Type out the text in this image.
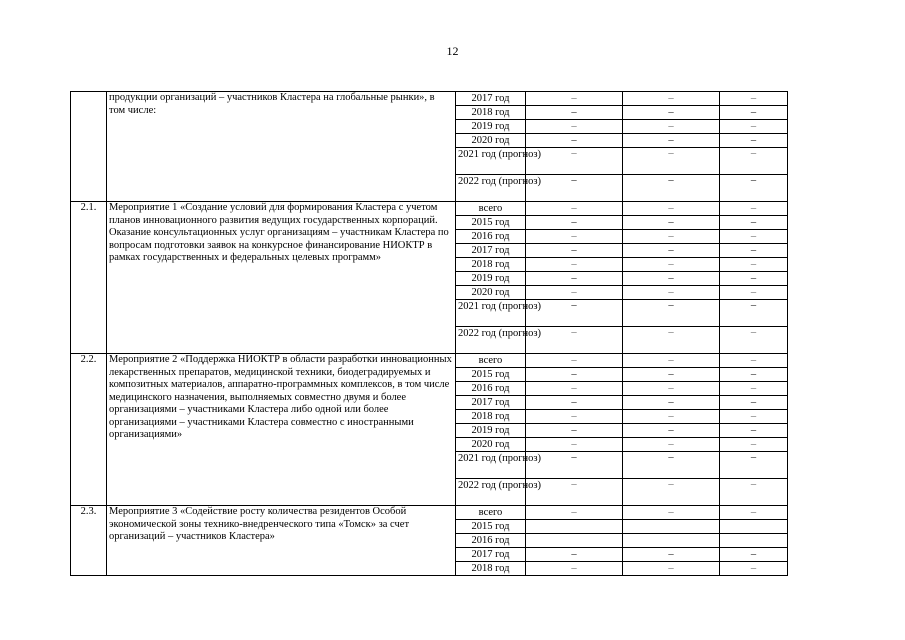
12
	продукции организаций – участников Кластера на глобальные рынки», в том числе:	2017 год	–	–	–
		2018 год	–	–	–
		2019 год	–	–	–
		2020 год	–	–	–
		2021 год (прогноз)	–	–	–
		2022 год (прогноз)	–	–	–
2.1.	Мероприятие 1 «Создание условий для формирования Кластера с учетом планов инновационного развития ведущих государственных корпораций. Оказание консультационных услуг организациям – участникам Кластера по вопросам подготовки заявок на конкурсное финансирование НИОКТР в рамках государственных и федеральных целевых программ»	всего	–	–	–
		2015 год	–	–	–
		2016 год	–	–	–
		2017 год	–	–	–
		2018 год	–	–	–
		2019 год	–	–	–
		2020 год	–	–	–
		2021 год (прогноз)	–	–	–
		2022 год (прогноз)	–	–	–
2.2.	Мероприятие 2 «Поддержка НИОКТР в области разработки инновационных лекарственных препаратов, медицинской техники, биодеградируемых и композитных материалов, аппаратно-программных комплексов, в том числе медицинского назначения, выполняемых совместно двумя и более организациями – участниками Кластера либо одной или более организациями – участниками Кластера совместно с иностранными организациями»	всего	–	–	–
		2015 год	–	–	–
		2016 год	–	–	–
		2017 год	–	–	–
		2018 год	–	–	–
		2019 год	–	–	–
		2020 год	–	–	–
		2021 год (прогноз)	–	–	–
		2022 год (прогноз)	–	–	–
2.3.	Мероприятие 3 «Содействие росту количества резидентов Особой экономической зоны технико-внедренческого типа «Томск» за счет организаций – участников Кластера»	всего	–	–	–
		2015 год			
		2016 год			
		2017 год	–	–	–
		2018 год	–	–	–
